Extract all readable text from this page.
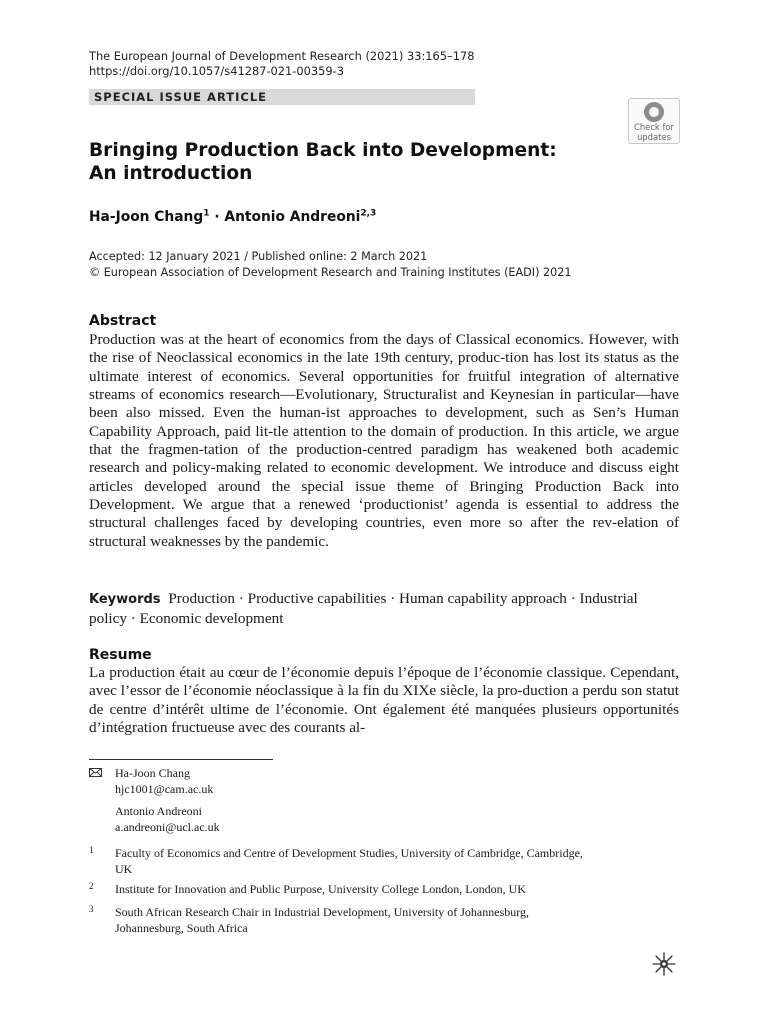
The European Journal of Development Research (2021) 33:165–178
https://doi.org/10.1057/s41287-021-00359-3
SPECIAL ISSUE ARTICLE
Check for
updates
Bringing Production Back into Development:
An introduction
Ha-Joon Chang$^1$ · Antonio Andreoni$^{2,3}$
Accepted: 12 January 2021 / Published online: 2 March 2021
© European Association of Development Research and Training Institutes (EADI) 2021
Abstract
Production was at the heart of economics from the days of Classical economics. However, with the rise of Neoclassical economics in the late 19th century, produc-tion has lost its status as the ultimate interest of economics. Several opportunities for fruitful integration of alternative streams of economics research—Evolutionary, Structuralist and Keynesian in particular—have been also missed. Even the human-ist approaches to development, such as Sen’s Human Capability Approach, paid lit-tle attention to the domain of production. In this article, we argue that the fragmen-tation of the production-centred paradigm has weakened both academic research and policy-making related to economic development. We introduce and discuss eight articles developed around the special issue theme of Bringing Production Back into Development. We argue that a renewed ‘productionist’ agenda is essential to address the structural challenges faced by developing countries, even more so after the rev-elation of structural weaknesses by the pandemic.
Keywords Production · Productive capabilities · Human capability approach · Industrial policy · Economic development
Resume
La production était au cœur de l’économie depuis l’époque de l’économie classique. Cependant, avec l’essor de l’économie néoclassique à la fin du XIXe siècle, la pro-duction a perdu son statut de centre d’intérêt ultime de l’économie. Ont également été manquées plusieurs opportunités d’intégration fructueuse avec des courants al-
Ha-Joon Chang
hjc1001@cam.ac.uk
Antonio Andreoni
a.andreoni@ucl.ac.uk
1 Faculty of Economics and Centre of Development Studies, University of Cambridge, Cambridge, UK
2 Institute for Innovation and Public Purpose, University College London, London, UK
3 South African Research Chair in Industrial Development, University of Johannesburg, Johannesburg, South Africa
